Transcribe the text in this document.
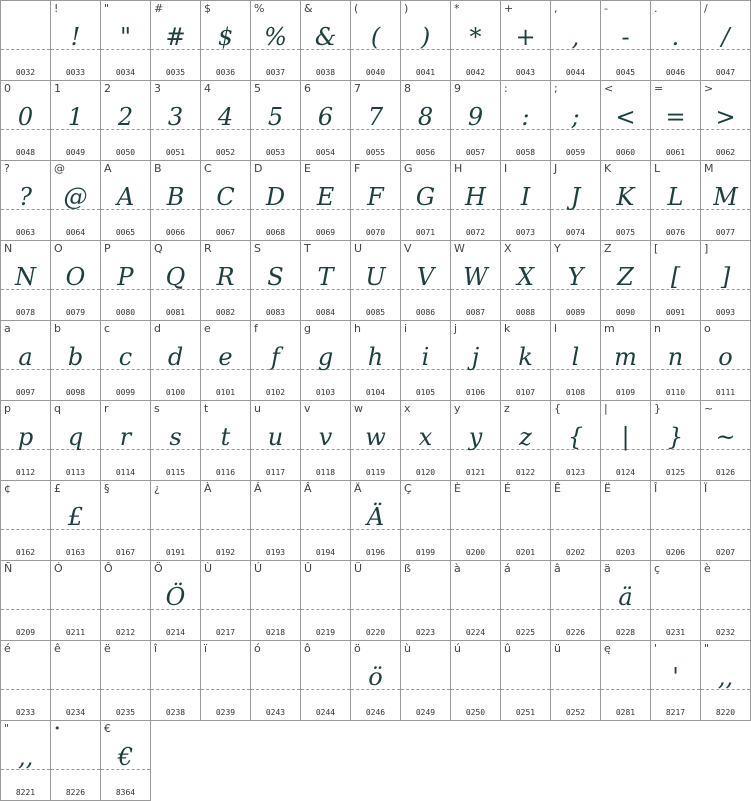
0032
!
!
0033
"
"
0034
#
#
0035
$
$
0036
%
%
0037
&
&
0038
(
(
0040
)
)
0041
*
*
0042
+
+
0043
,
,
0044
-
-
0045
.
.
0046
/
/
0047
0
0
0048
1
1
0049
2
2
0050
3
3
0051
4
4
0052
5
5
0053
6
6
0054
7
7
0055
8
8
0056
9
9
0057
:
:
0058
;
;
0059
<
<
0060
=
=
0061
>
>
0062
?
?
0063
@
@
0064
A
A
0065
B
B
0066
C
C
0067
D
D
0068
E
E
0069
F
F
0070
G
G
0071
H
H
0072
I
I
0073
J
J
0074
K
K
0075
L
L
0076
M
M
0077
N
N
0078
O
O
0079
P
P
0080
Q
Q
0081
R
R
0082
S
S
0083
T
T
0084
U
U
0085
V
V
0086
W
W
0087
X
X
0088
Y
Y
0089
Z
Z
0090
[
[
0091
]
]
0093
a
a
0097
b
b
0098
c
c
0099
d
d
0100
e
e
0101
f
f
0102
g
g
0103
h
h
0104
i
i
0105
j
j
0106
k
k
0107
l
l
0108
m
m
0109
n
n
0110
o
o
0111
p
p
0112
q
q
0113
r
r
0114
s
s
0115
t
t
0116
u
u
0117
v
v
0118
w
w
0119
x
x
0120
y
y
0121
z
z
0122
{
{
0123
|
|
0124
}
}
0125
~
~
0126
¢
0162
£
£
0163
§
0167
¿
0191
À
0192
Á
0193
Â
0194
Ä
Ä
0196
Ç
0199
È
0200
É
0201
Ê
0202
Ë
0203
Î
0206
Ï
0207
Ñ
0209
Ó
0211
Ô
0212
Ö
Ö
0214
Ù
0217
Ú
0218
Û
0219
Ü
0220
ß
0223
à
0224
á
0225
â
0226
ä
ä
0228
ç
0231
è
0232
é
0233
ê
0234
ë
0235
î
0238
ï
0239
ó
0243
ô
0244
ö
ö
0246
ù
0249
ú
0250
û
0251
ü
0252
ę
0281
'
'
8217
"
,,
8220
"
‚‚
8221
•
8226
€
€
8364
